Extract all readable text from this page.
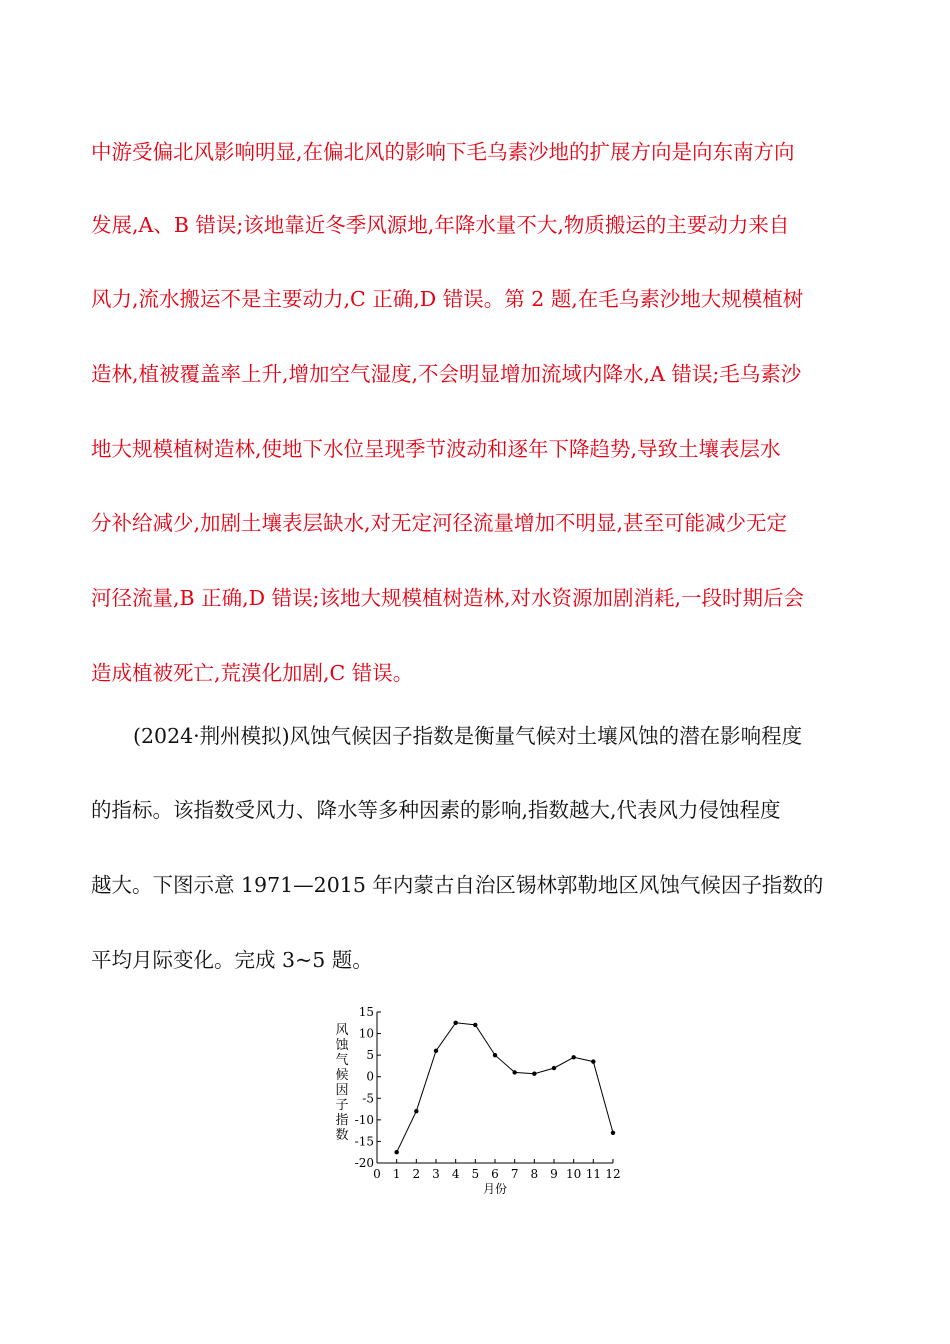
中游受偏北风影响明显,在偏北风的影响下毛乌素沙地的扩展方向是向东南方向
发展,A、B 错误;该地靠近冬季风源地,年降水量不大,物质搬运的主要动力来自
风力,流水搬运不是主要动力,C 正确,D 错误。第 2 题,在毛乌素沙地大规模植树
造林,植被覆盖率上升,增加空气湿度,不会明显增加流域内降水,A 错误;毛乌素沙
地大规模植树造林,使地下水位呈现季节波动和逐年下降趋势,导致土壤表层水
分补给减少,加剧土壤表层缺水,对无定河径流量增加不明显,甚至可能减少无定
河径流量,B 正确,D 错误;该地大规模植树造林,对水资源加剧消耗,一段时期后会
造成植被死亡,荒漠化加剧,C 错误。
(2024·荆州模拟)风蚀气候因子指数是衡量气候对土壤风蚀的潜在影响程度
的指标。该指数受风力、降水等多种因素的影响,指数越大,代表风力侵蚀程度
越大。下图示意 1971—2015 年内蒙古自治区锡林郭勒地区风蚀气候因子指数的
平均月际变化。完成 3~5 题。
风
蚀
气
候
因
子
指
数
15
10
5
0
-5
-10
-15
-20
0 1 2 3 4 5 6 7 8 9 10 11 12
月份
